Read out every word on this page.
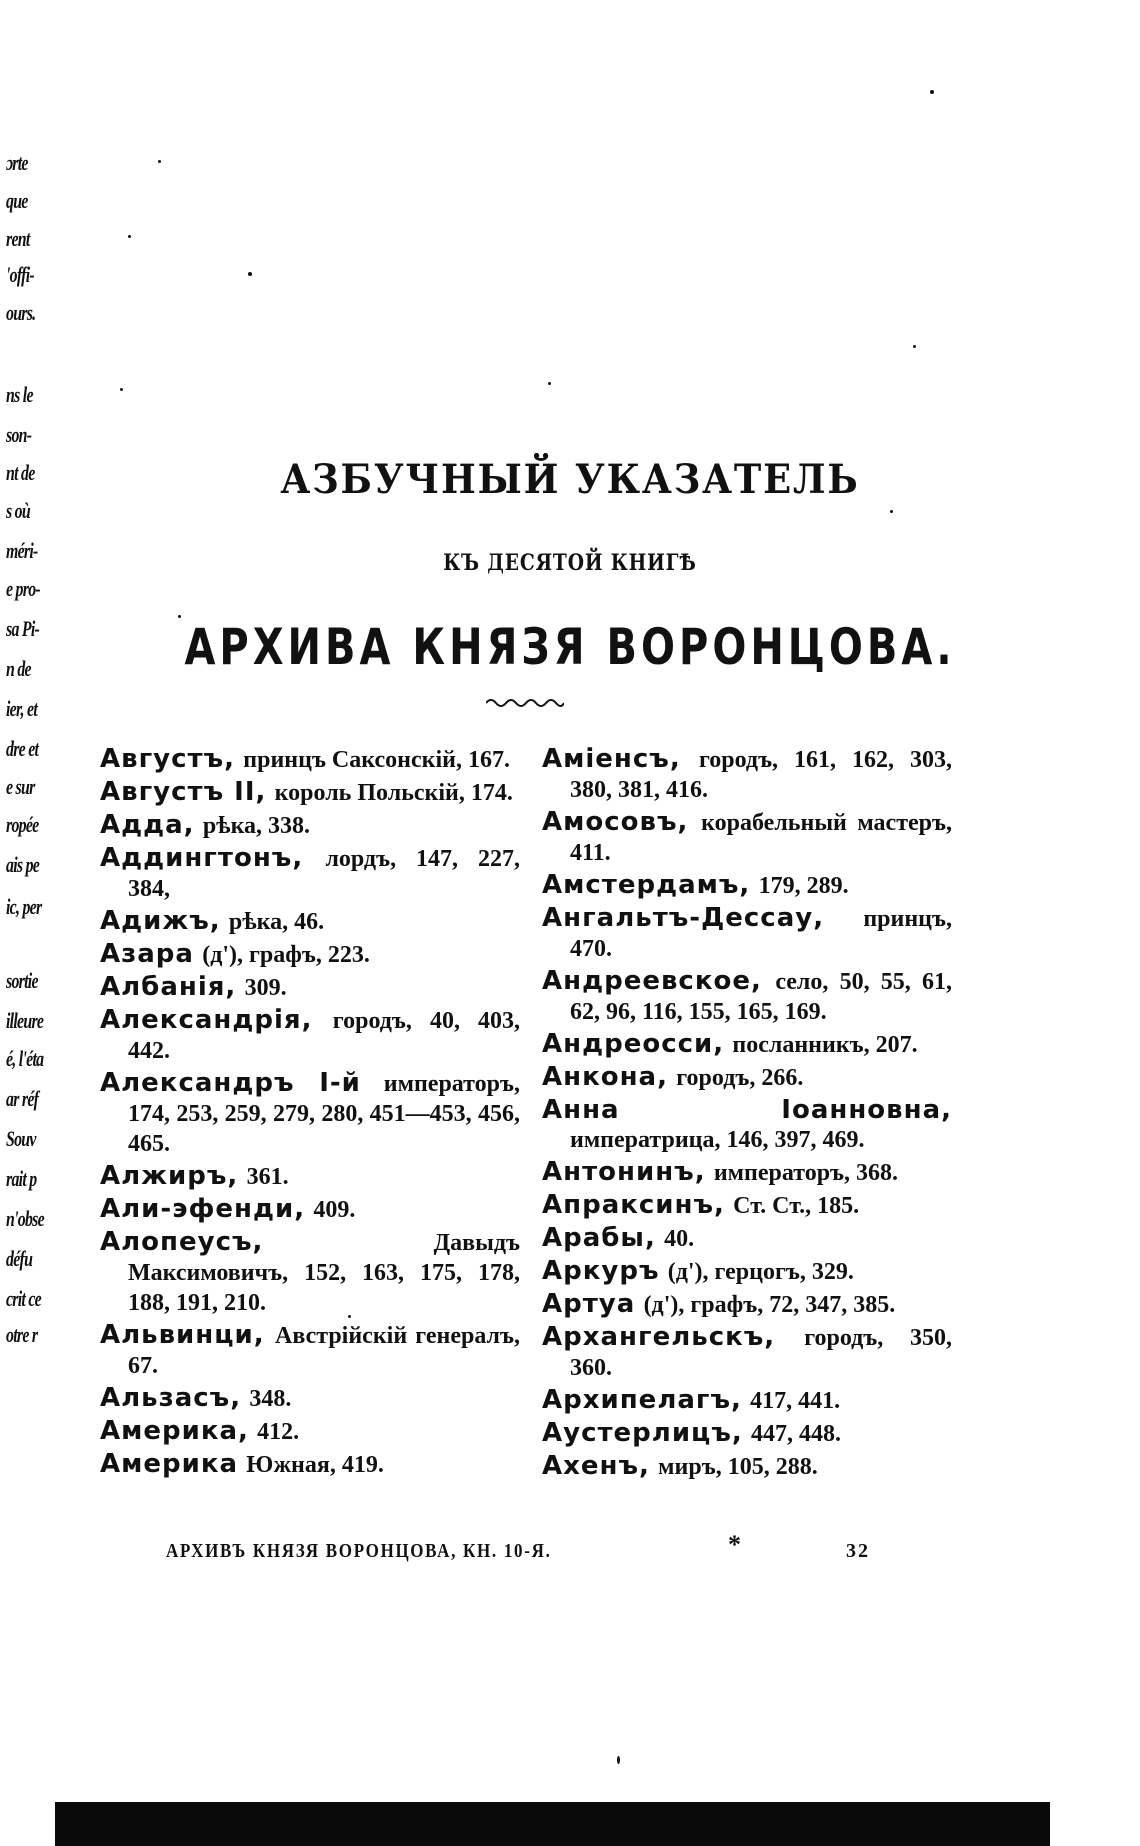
ɔrte
que
rent
'offi-
ours.
ns le
son-
nt de
s où
méri-
e pro-
sa Pi-
n de
ier, et
dre et
e sur
ropée
ais pe
ic, per
sortie
illeure
é, l'éta
ar réf
Souv
rait p
n'obse
défu
crit ce
otre r
АЗБУЧНЫЙ УКАЗАТЕЛЬ
КЪ ДЕСЯТОЙ КНИГѢ
АРХИВА КНЯЗЯ ВОРОНЦОВА.
Августъ, принцъ Саксонскій, 167.
Августъ II, король Польскій, 174.
Адда, рѣка, 338.
Аддингтонъ, лордъ, 147, 227, 384,
Адижъ, рѣка, 46.
Азара (д'), графъ, 223.
Албанія, 309.
Александрія, городъ, 40, 403, 442.
Александръ I-й императоръ, 174, 253, 259, 279, 280, 451—453, 456, 465.
Алжиръ, 361.
Али-эфенди, 409.
Алопеусъ,	Давыдъ Максимовичъ, 152, 163, 175, 178, 188, 191, 210.
Альвинци, Австрійскій генералъ, 67.
Альзасъ, 348.
Америка, 412.
Америка Южная, 419.
Аміенсъ, городъ, 161, 162, 303, 380, 381, 416.
Амосовъ, корабельный мастеръ, 411.
Амстердамъ, 179, 289.
Ангальтъ-Дессау, принцъ, 470.
Андреевское, село, 50, 55, 61, 62, 96, 116, 155, 165, 169.
Андреосси, посланникъ, 207.
Анкона, городъ, 266.
Анна Іоанновна, императрица, 146, 397, 469.
Антонинъ, императоръ, 368.
Апраксинъ, Ст. Ст., 185.
Арабы, 40.
Аркуръ (д'), герцогъ, 329.
Артуа (д'), графъ, 72, 347, 385.
Архангельскъ, городъ, 350, 360.
Архипелагъ, 417, 441.
Аустерлицъ, 447, 448.
Ахенъ, миръ, 105, 288.
АРХИВЪ КНЯЗЯ ВОРОНЦОВА, КН. 10-Я.	*	32
